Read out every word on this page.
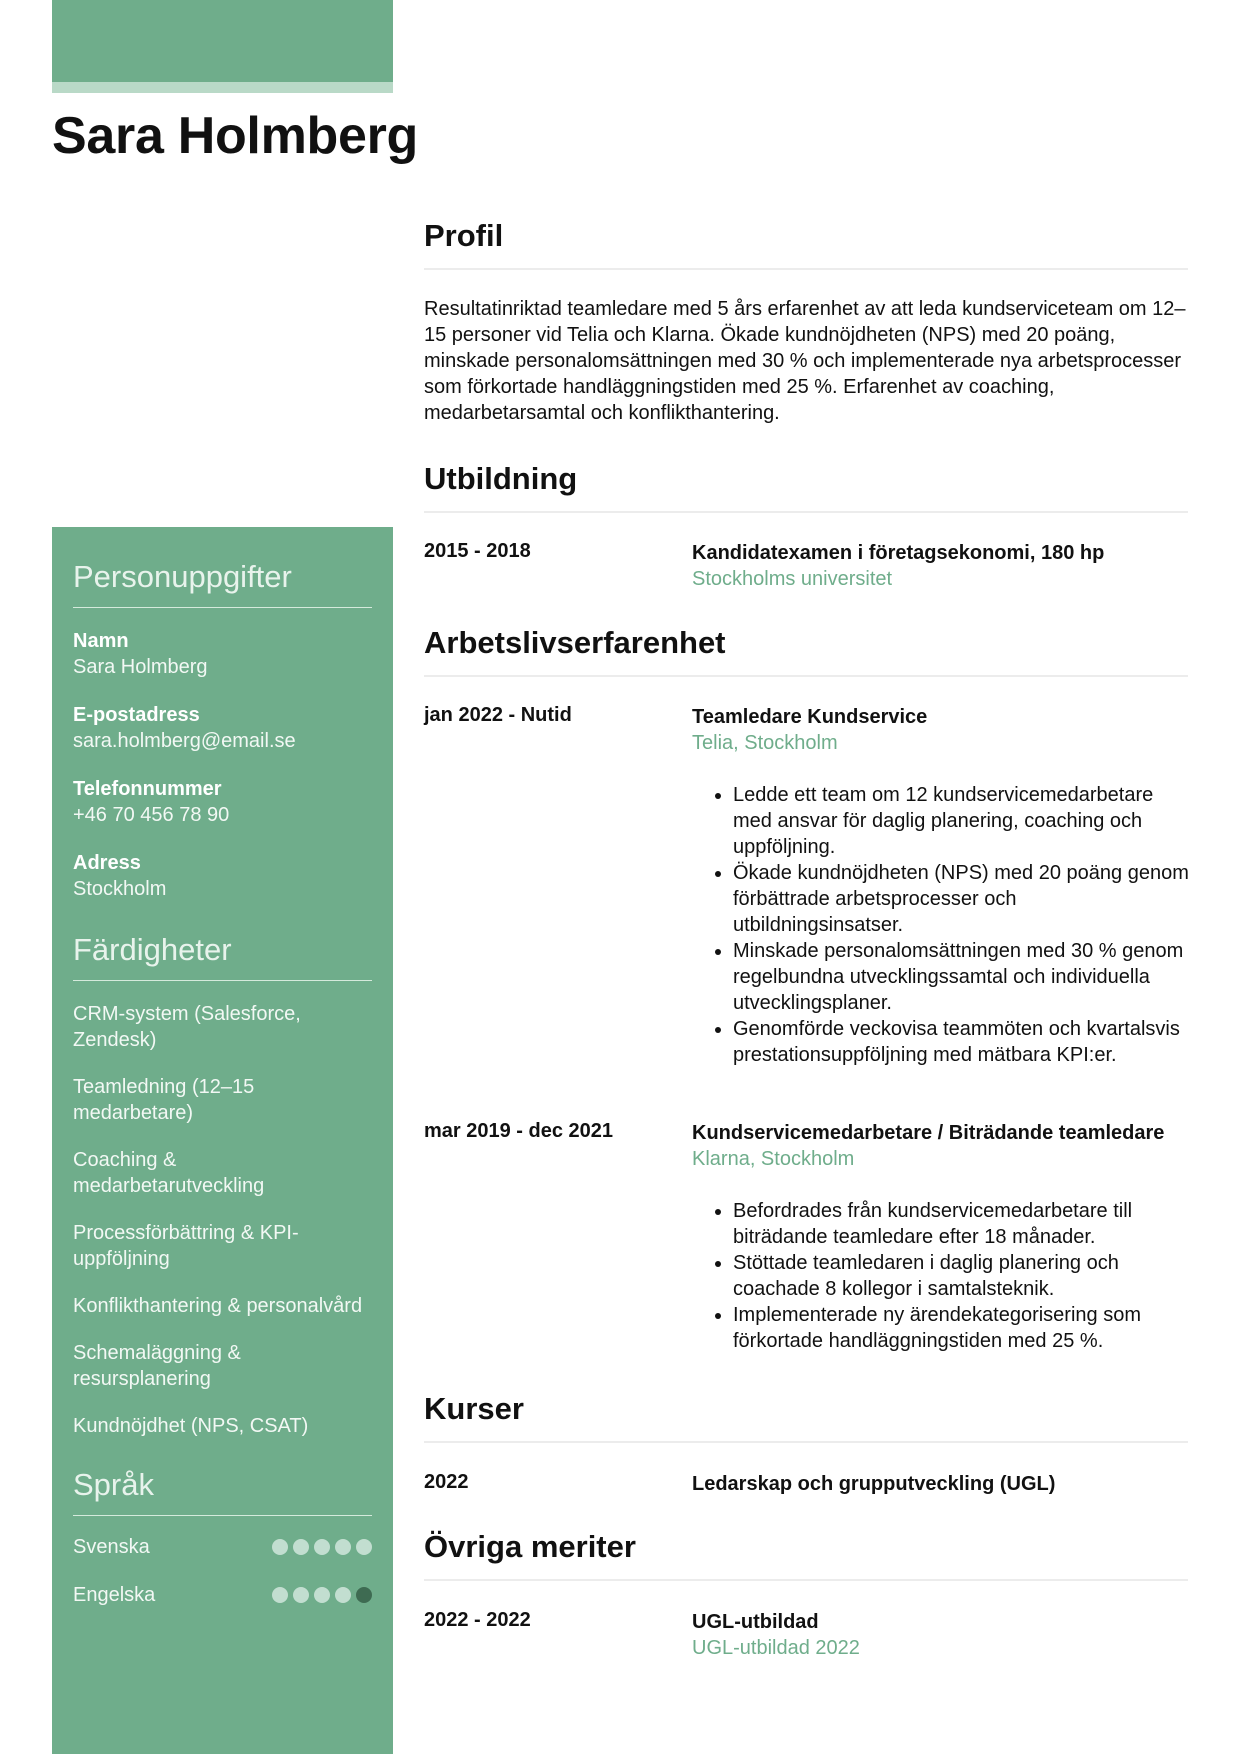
Sara Holmberg
Personuppgifter
Namn
Sara Holmberg
E-postadress
sara.holmberg@email.se
Telefonnummer
+46 70 456 78 90
Adress
Stockholm
Färdigheter
CRM-system (Salesforce, Zendesk)
Teamledning (12–15 medarbetare)
Coaching & medarbetarutveckling
Processförbättring & KPI-uppföljning
Konflikthantering & personalvård
Schemaläggning & resursplanering
Kundnöjdhet (NPS, CSAT)
Språk
Svenska
Engelska
Profil

Resultatinriktad teamledare med 5 års erfarenhet av att leda kundserviceteam om 12–15 personer vid Telia och Klarna. Ökade kundnöjdheten (NPS) med 20 poäng, minskade personalomsättningen med 30 % och implementerade nya arbetsprocesser som förkortade handläggningstiden med 25 %. Erfarenhet av coaching, medarbetarsamtal och konflikthantering.

Utbildning
2015 - 2018	Kandidatexamen i företagsekonomi, 180 hp
Stockholms universitet
Arbetslivserfarenhet
jan 2022 - Nutid	Teamledare Kundservice
Telia, Stockholm
• Ledde ett team om 12 kundservicemedarbetare med ansvar för daglig planering, coaching och uppföljning.
• Ökade kundnöjdheten (NPS) med 20 poäng genom förbättrade arbetsprocesser och utbildningsinsatser.
• Minskade personalomsättningen med 30 % genom regelbundna utvecklingssamtal och individuella utvecklingsplaner.
• Genomförde veckovisa teammöten och kvartalsvis prestationsuppföljning med mätbara KPI:er.
mar 2019 - dec 2021	Kundservicemedarbetare / Biträdande teamledare
Klarna, Stockholm
• Befordrades från kundservicemedarbetare till biträdande teamledare efter 18 månader.
• Stöttade teamledaren i daglig planering och coachade 8 kollegor i samtalsteknik.
• Implementerade ny ärendekategorisering som förkortade handläggningstiden med 25 %.
Kurser
2022	Ledarskap och grupputveckling (UGL)
Övriga meriter
2022 - 2022	UGL-utbildad
UGL-utbildad 2022
